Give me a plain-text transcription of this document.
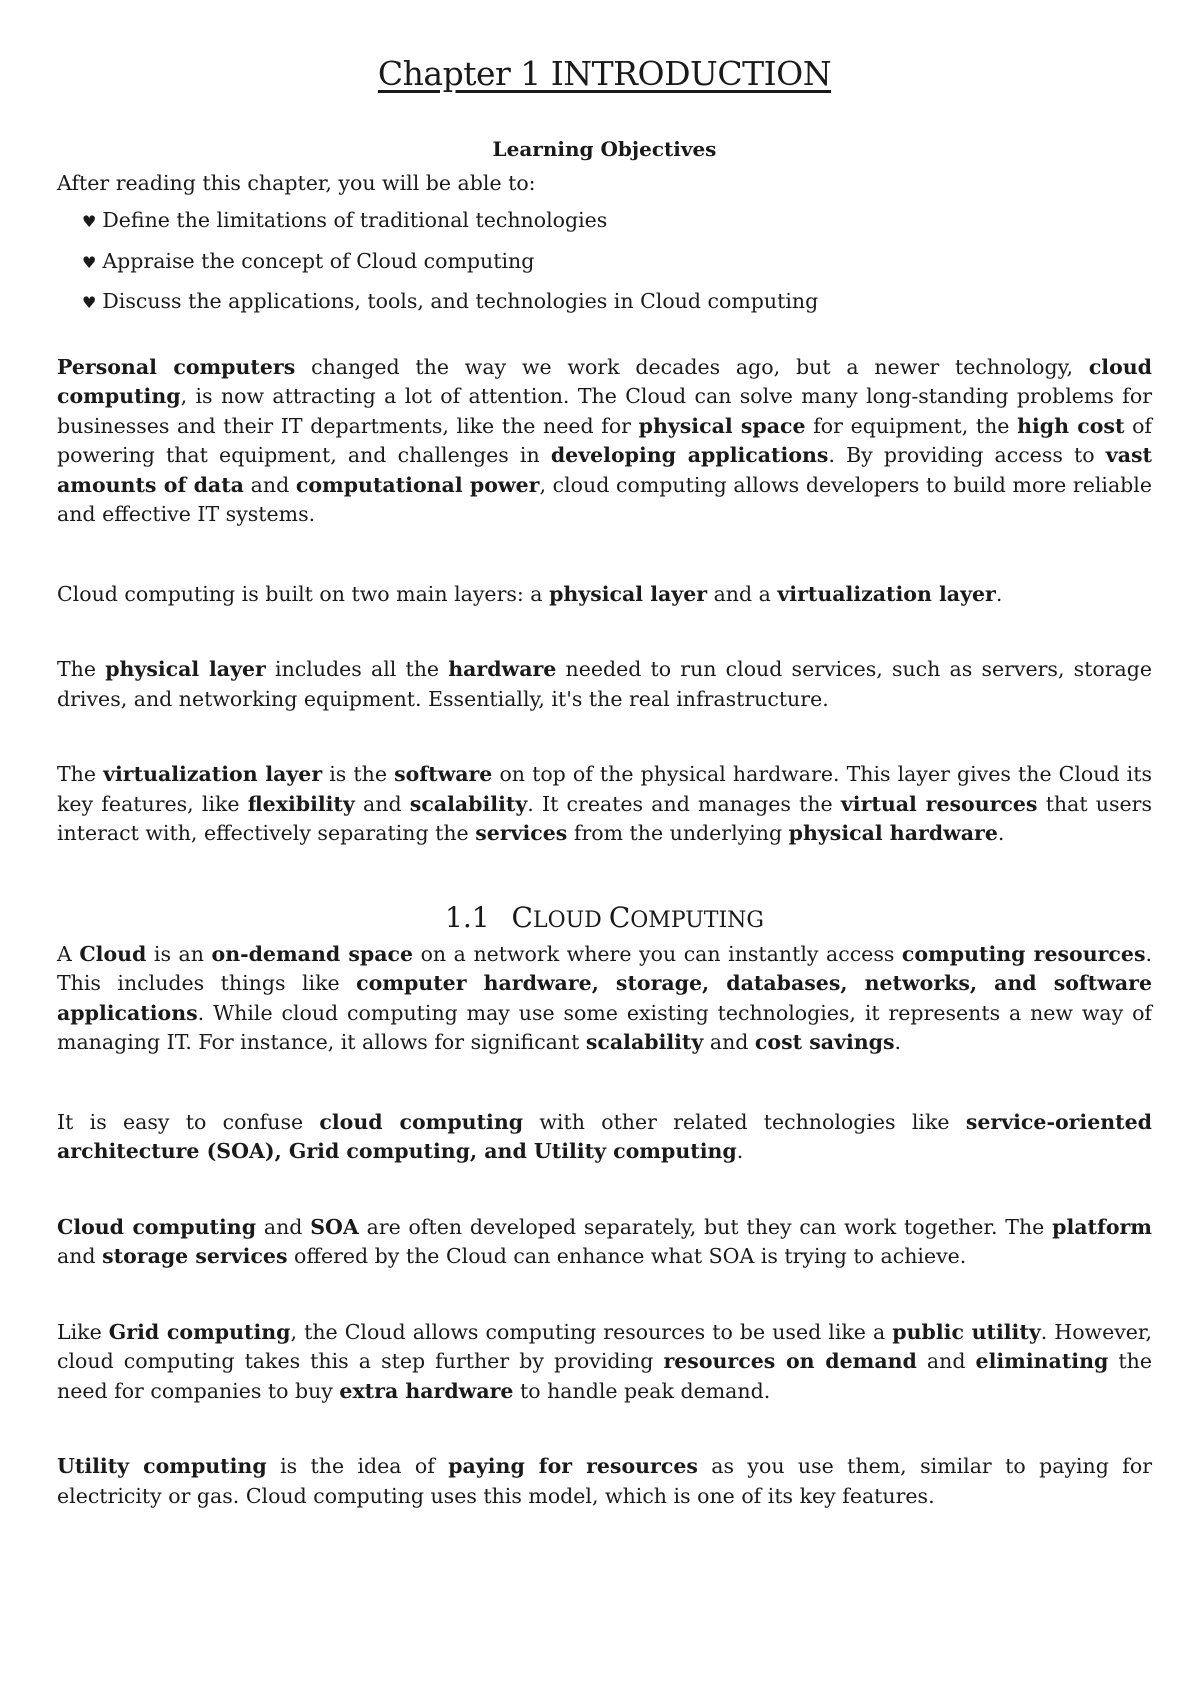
Chapter 1 INTRODUCTION
Learning Objectives

After reading this chapter, you will be able to:

♥ Define the limitations of traditional technologies
♥ Appraise the concept of Cloud computing
♥ Discuss the applications, tools, and technologies in Cloud computing

Personal computers changed the way we work decades ago, but a newer technology, cloud computing, is now attracting a lot of attention. The Cloud can solve many long-standing problems for businesses and their IT departments, like the need for physical space for equipment, the high cost of powering that equipment, and challenges in developing applications. By providing access to vast amounts of data and computational power, cloud computing allows developers to build more reliable and effective IT systems.

Cloud computing is built on two main layers: a physical layer and a virtualization layer.

The physical layer includes all the hardware needed to run cloud services, such as servers, storage drives, and networking equipment. Essentially, it's the real infrastructure.

The virtualization layer is the software on top of the physical hardware. This layer gives the Cloud its key features, like flexibility and scalability. It creates and manages the virtual resources that users interact with, effectively separating the services from the underlying physical hardware.

1.1 CLOUD COMPUTING

A Cloud is an on-demand space on a network where you can instantly access computing resources. This includes things like computer hardware, storage, databases, networks, and software applications. While cloud computing may use some existing technologies, it represents a new way of managing IT. For instance, it allows for significant scalability and cost savings.

It is easy to confuse cloud computing with other related technologies like service-oriented architecture (SOA), Grid computing, and Utility computing.

Cloud computing and SOA are often developed separately, but they can work together. The platform and storage services offered by the Cloud can enhance what SOA is trying to achieve.

Like Grid computing, the Cloud allows computing resources to be used like a public utility. However, cloud computing takes this a step further by providing resources on demand and eliminating the need for companies to buy extra hardware to handle peak demand.

Utility computing is the idea of paying for resources as you use them, similar to paying for electricity or gas. Cloud computing uses this model, which is one of its key features.
